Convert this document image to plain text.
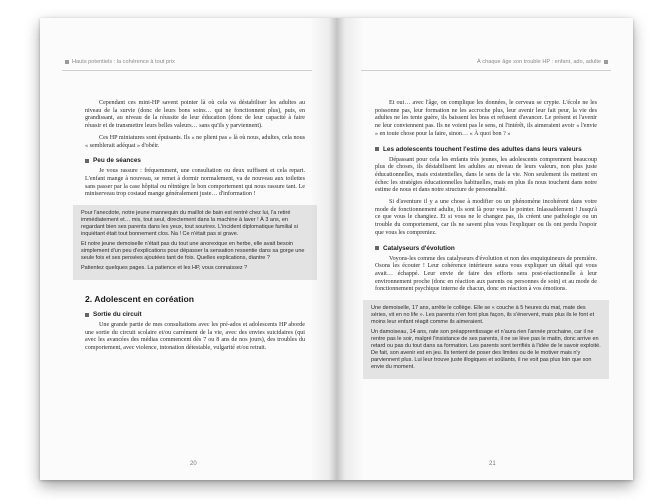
Hauts potentiels : la cohérence à tout prix

Cependant ces mini-HP savent pointer là où cela va déstabiliser les adultes au niveau de la survie (donc de leurs bons soins… qui ne fonctionnent plus), puis, en grandissant, au niveau de la réussite de leur éducation (donc de leur capacité à faire réussir et de transmettre leurs belles valeurs… sans qu'ils y parviennent).

Ces HP miniatures sont épuisants. Ils « ne plient pas » là où nous, adultes, cela nous « semblerait adéquat » d'obéir.

Peu de séances

Je vous rassure : fréquemment, une consultation ou deux suffisent et cela repart. L'enfant mange à nouveau, se remet à dormir normalement, va de nouveau aux toilettes sans passer par la case hôpital ou réintègre le bon comportement qui nous rassure tant. Le miniserveau trop costaud mange généralement juste… d'information !

Pour l'anecdote, notre jeune mannequin du maillot de bain est rentré chez lui, l'a retiré immédiatement et… mis, tout seul, directement dans la machine à laver ! À 3 ans, en regardant bien ses parents dans les yeux, tout sourires. L'incident diplomatique familial si inquiétant était tout bonnement clos. Na ! Ce n'était pas si grave.

Et notre jeune demoiselle n'était pas du tout une anorexique en herbe, elle avait besoin simplement d'un peu d'explications pour dépasser la sensation ressentie dans sa gorge une seule fois et ses pensées ajoutées tant de fois. Quelles explications, diantre ?

Patientez quelques pages. La patience et les HP, vous connaissez ?

2. Adolescent en coréation
Sortie du circuit

Une grande partie de mes consultations avec les pré-ados et adolescents HP aborde une sortie du circuit scolaire et/ou carrément de la vie, avec des envies suicidaires (qui avec les avancées des médias commencent dès 7 ou 8 ans de nos jours), des troubles du comportement, avec violence, intonation détestable, vulgarité et/ou retrait.

20
À chaque âge son trouble HP : enfant, ado, adulte

Et oui… avec l'âge, on complique les données, le cerveau se crypte. L'école ne les poissonne pas, leur formation ne les accroche plus, leur avenir leur fait peur, la vie des adultes ne les tente guère, ils baissent les bras et refusent d'avancer. Le présent et l'avenir ne leur conviennent pas. Ils ne voient pas le sens, ni l'intérêt, ils aimeraient avoir « l'envie » en toute chose pour la faire, sinon… « À quoi bon ? »

Les adolescents touchent l'estime des adultes dans leurs valeurs

Dépassant pour cela les enfants très jeunes, les adolescents comprennent beaucoup plus de choses, ils déstabilisent les adultes au niveau de leurs valeurs, non plus juste éducationnelles, mais existentielles, dans le sens de la vie. Non seulement ils mettent en échec les stratégies éducationnelles habituelles, mais en plus ils nous touchent dans notre estime de nous et dans notre structure de personnalité.

Si d'aventure il y a une chose à modifier ou un phénomène incohérent dans votre mode de fonctionnement adulte, ils sont là pour vous le pointer. Inlassablement ! Jusqu'à ce que vous le changiez. Et si vous ne le changez pas, ils créent une pathologie ou un trouble du comportement, car ils ne savent plus vous l'expliquer ou ils ont perdu l'espoir que vous les compreniez.

Catalyseurs d'évolution

Voyons-les comme des catalyseurs d'évolution et non des enquiquineurs de première. Osons les écouter ! Leur cohérence intérieure saura vous expliquer un détail qui vous avait… échappé. Leur envie de faire des efforts sera post-réactionnelle à leur environnement proche (donc en réaction aux parents ou personnes de soin) et au mode de fonctionnement psychique interne de chacun, donc en réaction à vos émotions.

Une demoiselle, 17 ans, arrête le collège. Elle se « couche à 5 heures du mat, mate des séries, vit en no life ». Les parents n'en font plus façon, ils s'énervent, mais plus ils le font et moins leur enfant réagit comme ils aimeraient.

Un damoiseau, 14 ans, rate son préapprentissage et n'aura rien l'année prochaine, car il ne rentre pas le soir, malgré l'insistance de ses parents, il ne se lève pas le matin, donc arrive en retard ou pas du tout dans sa formation. Les parents sont terrifiés à l'idée de le savoir exploité. De fait, son avenir est en jeu. Ils tentent de poser des limites ou de le motiver mais n'y parviennent plus. Lui leur trouve juste illogiques et soûlants, il ne voit pas plus loin que son envie du moment.

21
